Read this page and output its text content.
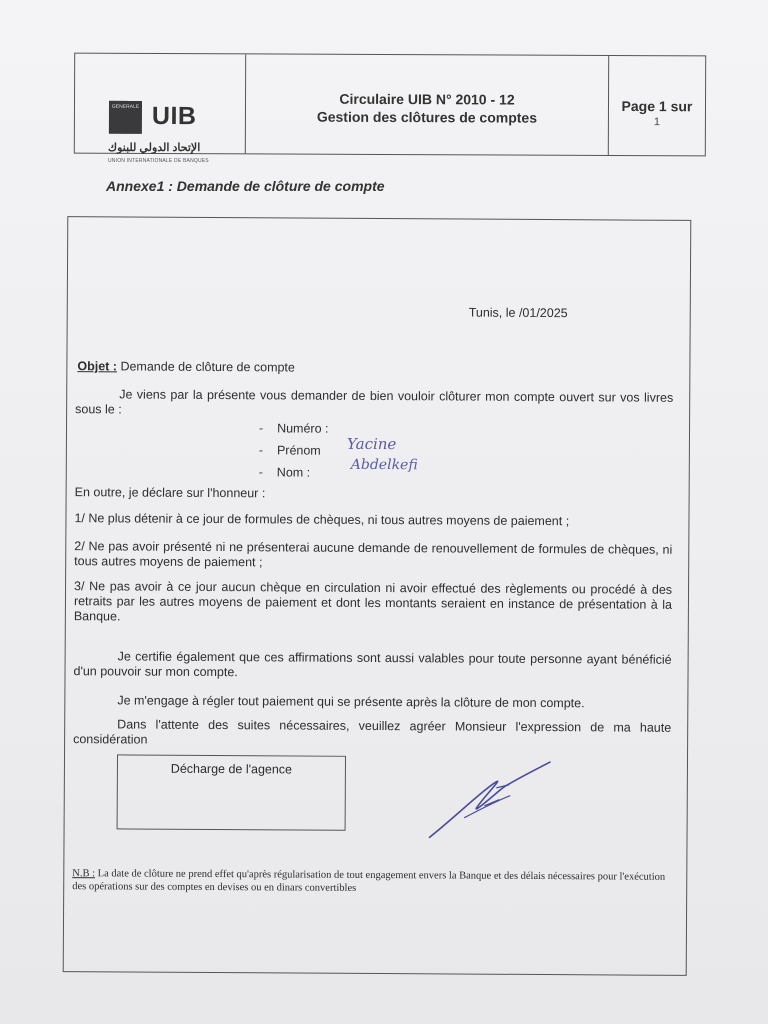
GENERALE UIB
Circulaire UIB N° 2010 - 12
Gestion des clôtures de comptes
Page 1 sur
1
الإتحاد الدولي للبنوك
UNION INTERNATIONALE DE BANQUES
Annexe1 : Demande de clôture de compte
Tunis, le /01/2025
Objet : Demande de clôture de compte
Je viens par la présente vous demander de bien vouloir clôturer mon compte ouvert sur vos livres sous le :
- Numéro :
- Prénom Yacine
- Nom :	Abdelkefi
En outre, je déclare sur l'honneur :
1/ Ne plus détenir à ce jour de formules de chèques, ni tous autres moyens de paiement ;
2/ Ne pas avoir présenté ni ne présenterai aucune demande de renouvellement de formules de chèques, ni tous autres moyens de paiement ;
3/ Ne pas avoir à ce jour aucun chèque en circulation ni avoir effectué des règlements ou procédé à des retraits par les autres moyens de paiement et dont les montants seraient en instance de présentation à la Banque.
Je certifie également que ces affirmations sont aussi valables pour toute personne ayant bénéficié d'un pouvoir sur mon compte.
Je m'engage à régler tout paiement qui se présente après la clôture de mon compte.
Dans l'attente des suites nécessaires, veuillez agréer Monsieur l'expression de ma haute considération
Décharge de l'agence
N.B : La date de clôture ne prend effet qu'après régularisation de tout engagement envers la Banque et des délais nécessaires pour l'exécution des opérations sur des comptes en devises ou en dinars convertibles
